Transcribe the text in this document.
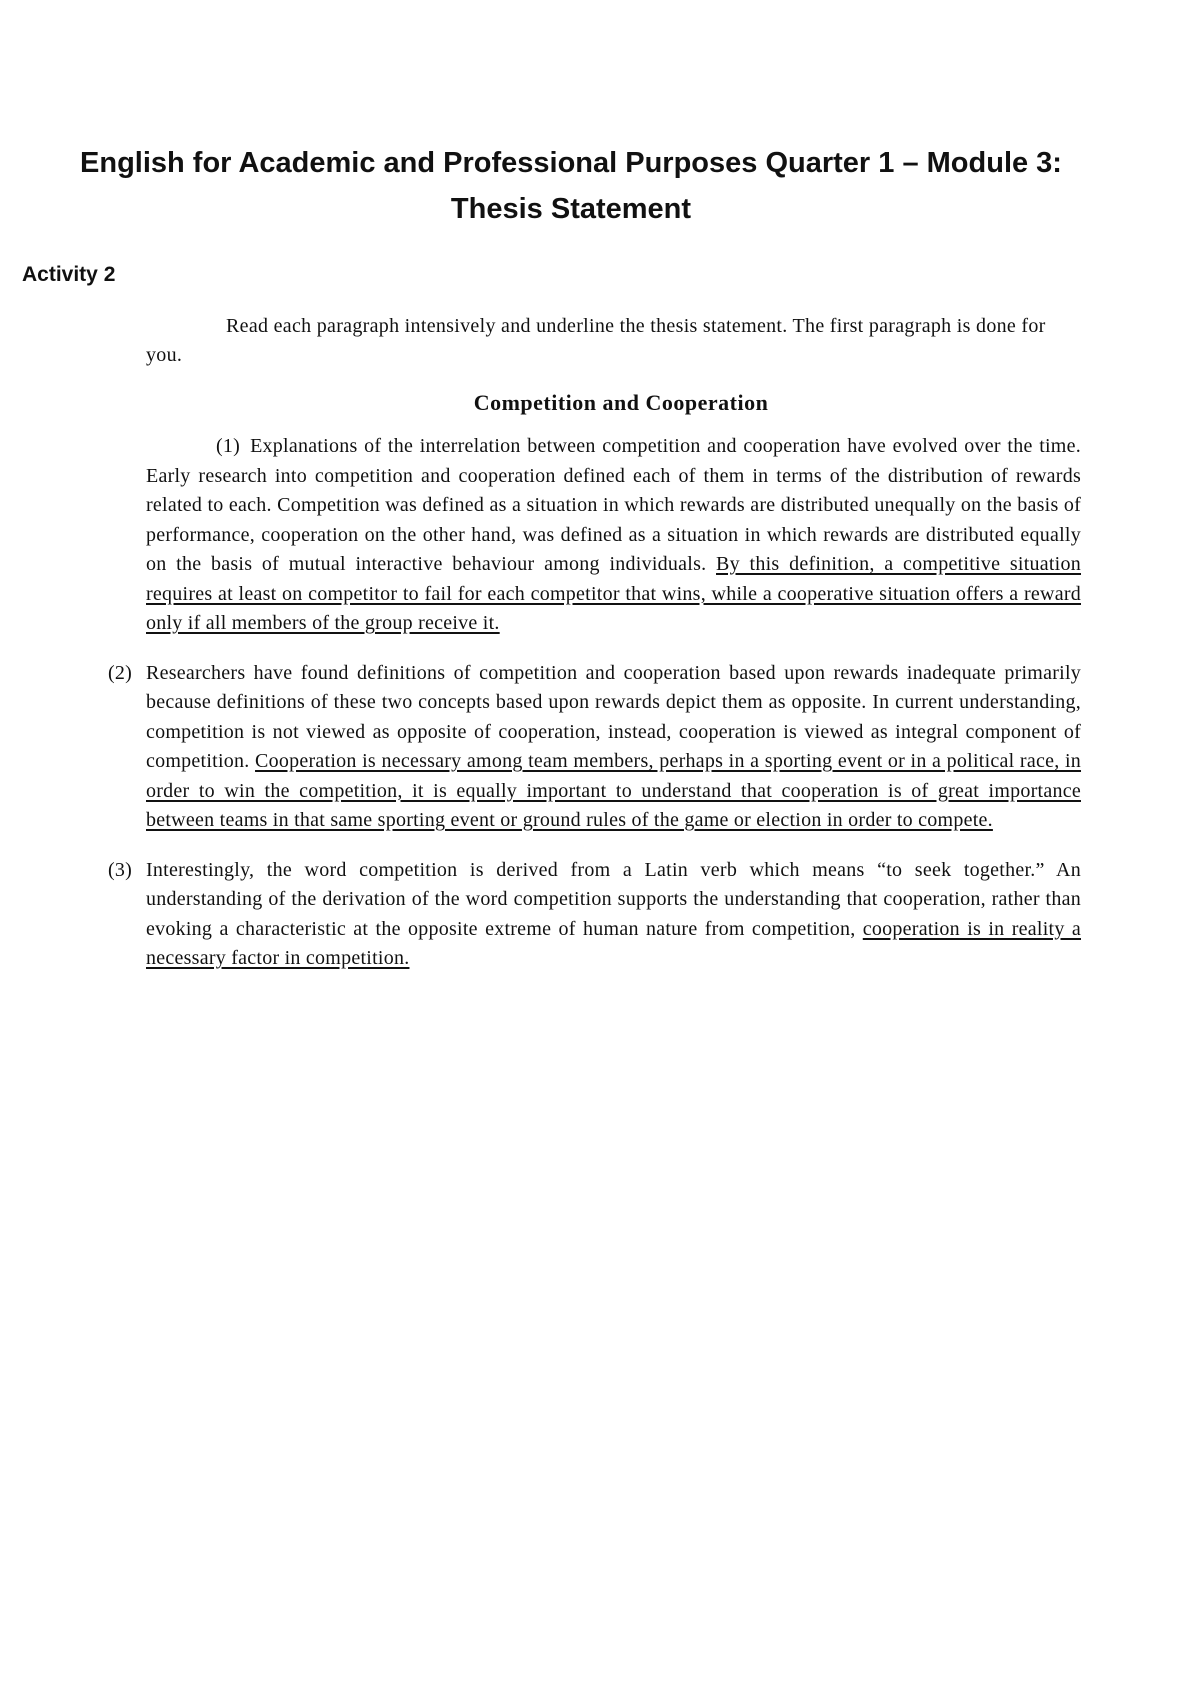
English for Academic and Professional Purposes Quarter 1 – Module 3: Thesis Statement
Activity 2

Read each paragraph intensively and underline the thesis statement. The first paragraph is done for you.

Competition and Cooperation

(1) Explanations of the interrelation between competition and cooperation have evolved over the time. Early research into competition and cooperation defined each of them in terms of the distribution of rewards related to each. Competition was defined as a situation in which rewards are distributed unequally on the basis of performance, cooperation on the other hand, was defined as a situation in which rewards are distributed equally on the basis of mutual interactive behaviour among individuals. By this definition, a competitive situation requires at least on competitor to fail for each competitor that wins, while a cooperative situation offers a reward only if all members of the group receive it.

(2) Researchers have found definitions of competition and cooperation based upon rewards inadequate primarily because definitions of these two concepts based upon rewards depict them as opposite. In current understanding, competition is not viewed as opposite of cooperation, instead, cooperation is viewed as integral component of competition. Cooperation is necessary among team members, perhaps in a sporting event or in a political race, in order to win the competition, it is equally important to understand that cooperation is of great importance between teams in that same sporting event or ground rules of the game or election in order to compete.

(3) Interestingly, the word competition is derived from a Latin verb which means “to seek together.” An understanding of the derivation of the word competition supports the understanding that cooperation, rather than evoking a characteristic at the opposite extreme of human nature from competition, cooperation is in reality a necessary factor in competition.
